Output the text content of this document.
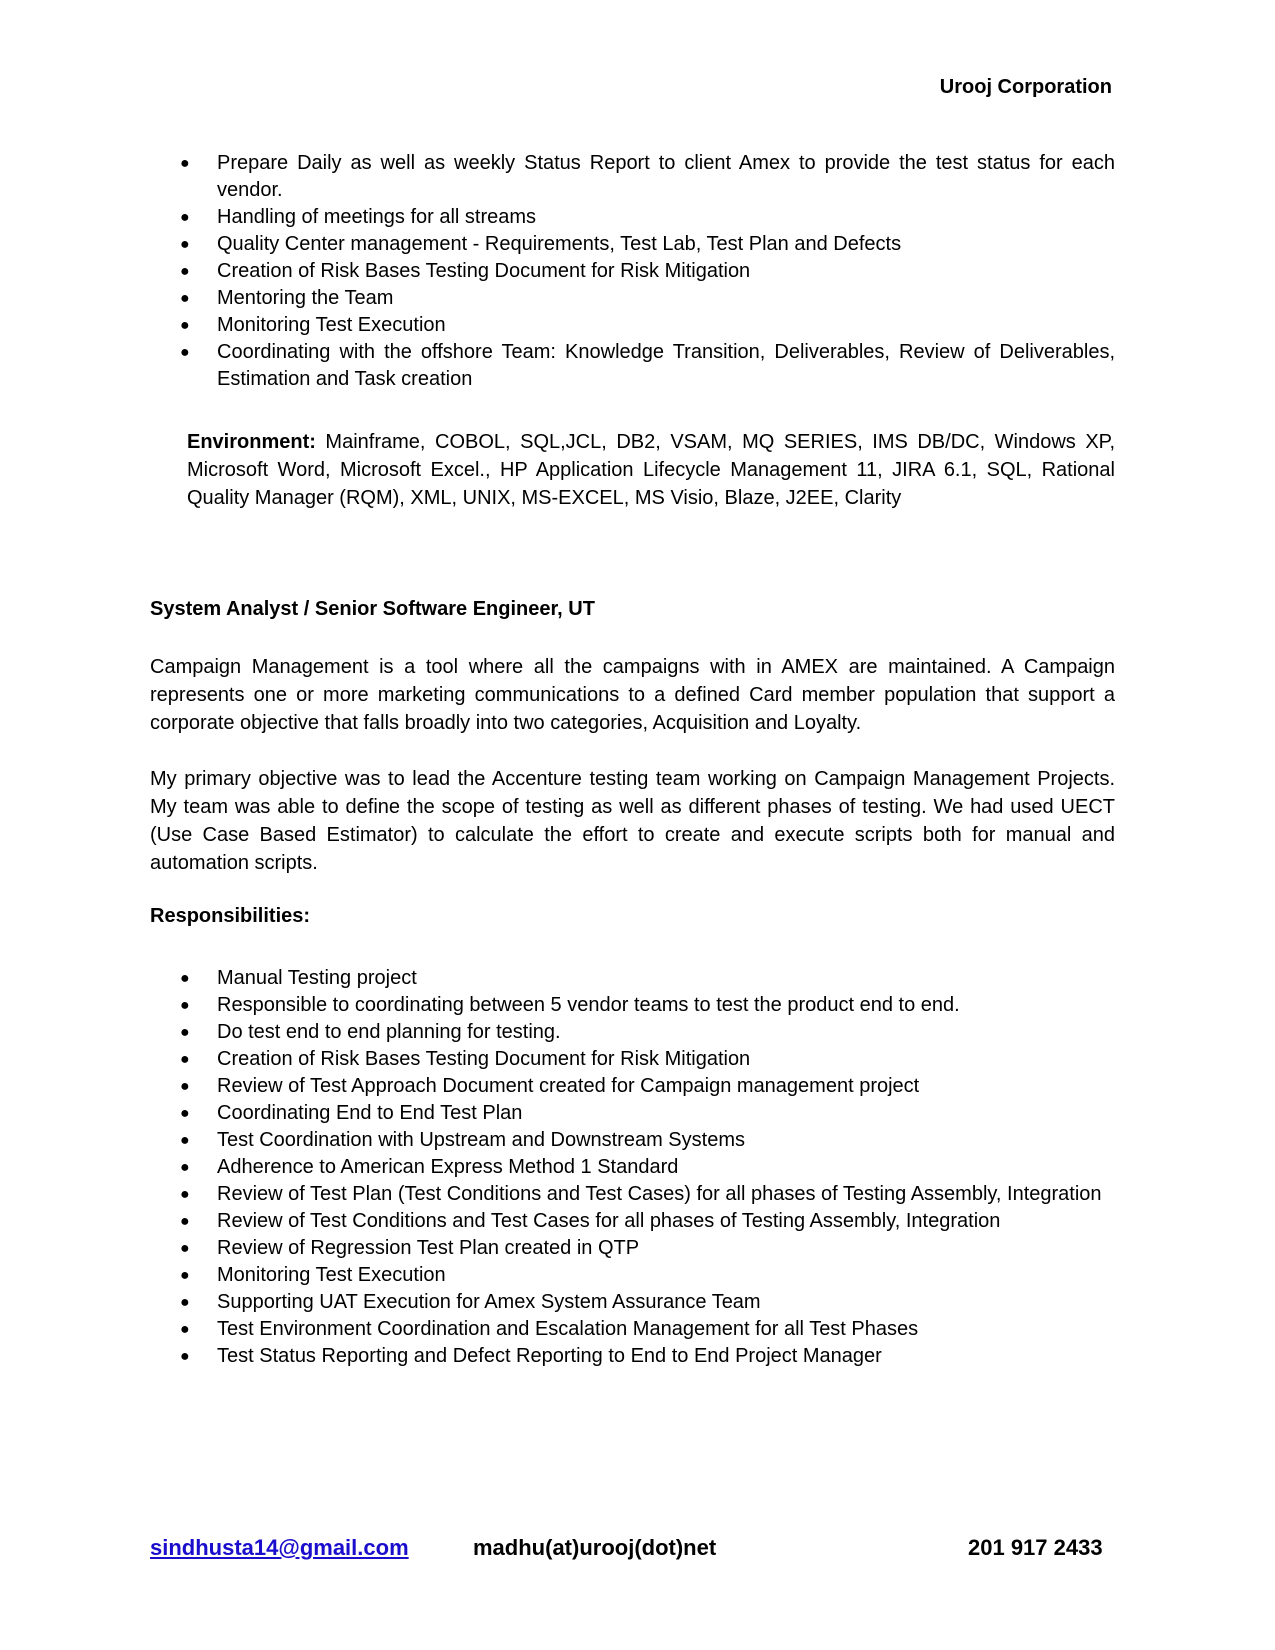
Urooj Corporation
●	Prepare Daily as well as weekly Status Report to client Amex to provide the test status for each vendor.
●	Handling of meetings for all streams
●	Quality Center management - Requirements, Test Lab, Test Plan and Defects
●	Creation of Risk Bases Testing Document for Risk Mitigation
●	Mentoring the Team
●	Monitoring Test Execution
●	Coordinating with the offshore Team: Knowledge Transition, Deliverables, Review of Deliverables, Estimation and Task creation
Environment: Mainframe, COBOL, SQL,JCL, DB2, VSAM, MQ SERIES, IMS DB/DC, Windows XP, Microsoft Word, Microsoft Excel., HP Application Lifecycle Management 11, JIRA 6.1, SQL, Rational Quality Manager (RQM), XML, UNIX, MS-EXCEL, MS Visio, Blaze, J2EE, Clarity
System Analyst / Senior Software Engineer, UT
Campaign Management is a tool where all the campaigns with in AMEX are maintained. A Campaign represents one or more marketing communications to a defined Card member population that support a corporate objective that falls broadly into two categories, Acquisition and Loyalty.
My primary objective was to lead the Accenture testing team working on Campaign Management Projects. My team was able to define the scope of testing as well as different phases of testing. We had used UECT (Use Case Based Estimator) to calculate the effort to create and execute scripts both for manual and automation scripts.
Responsibilities:
●	Manual Testing project
●	Responsible to coordinating between 5 vendor teams to test the product end to end.
●	Do test end to end planning for testing.
●	Creation of Risk Bases Testing Document for Risk Mitigation
●	Review of Test Approach Document created for Campaign management project
●	Coordinating End to End Test Plan
●	Test Coordination with Upstream and Downstream Systems
●	Adherence to American Express Method 1 Standard
●	Review of Test Plan (Test Conditions and Test Cases) for all phases of Testing Assembly, Integration
●	Review of Test Conditions and Test Cases for all phases of Testing Assembly, Integration
●	Review of Regression Test Plan created in QTP
●	Monitoring Test Execution
●	Supporting UAT Execution for Amex System Assurance Team
●	Test Environment Coordination and Escalation Management for all Test Phases
●	Test Status Reporting and Defect Reporting to End to End Project Manager
sindhusta14@gmail.com	madhu(at)urooj(dot)net	201 917 2433
